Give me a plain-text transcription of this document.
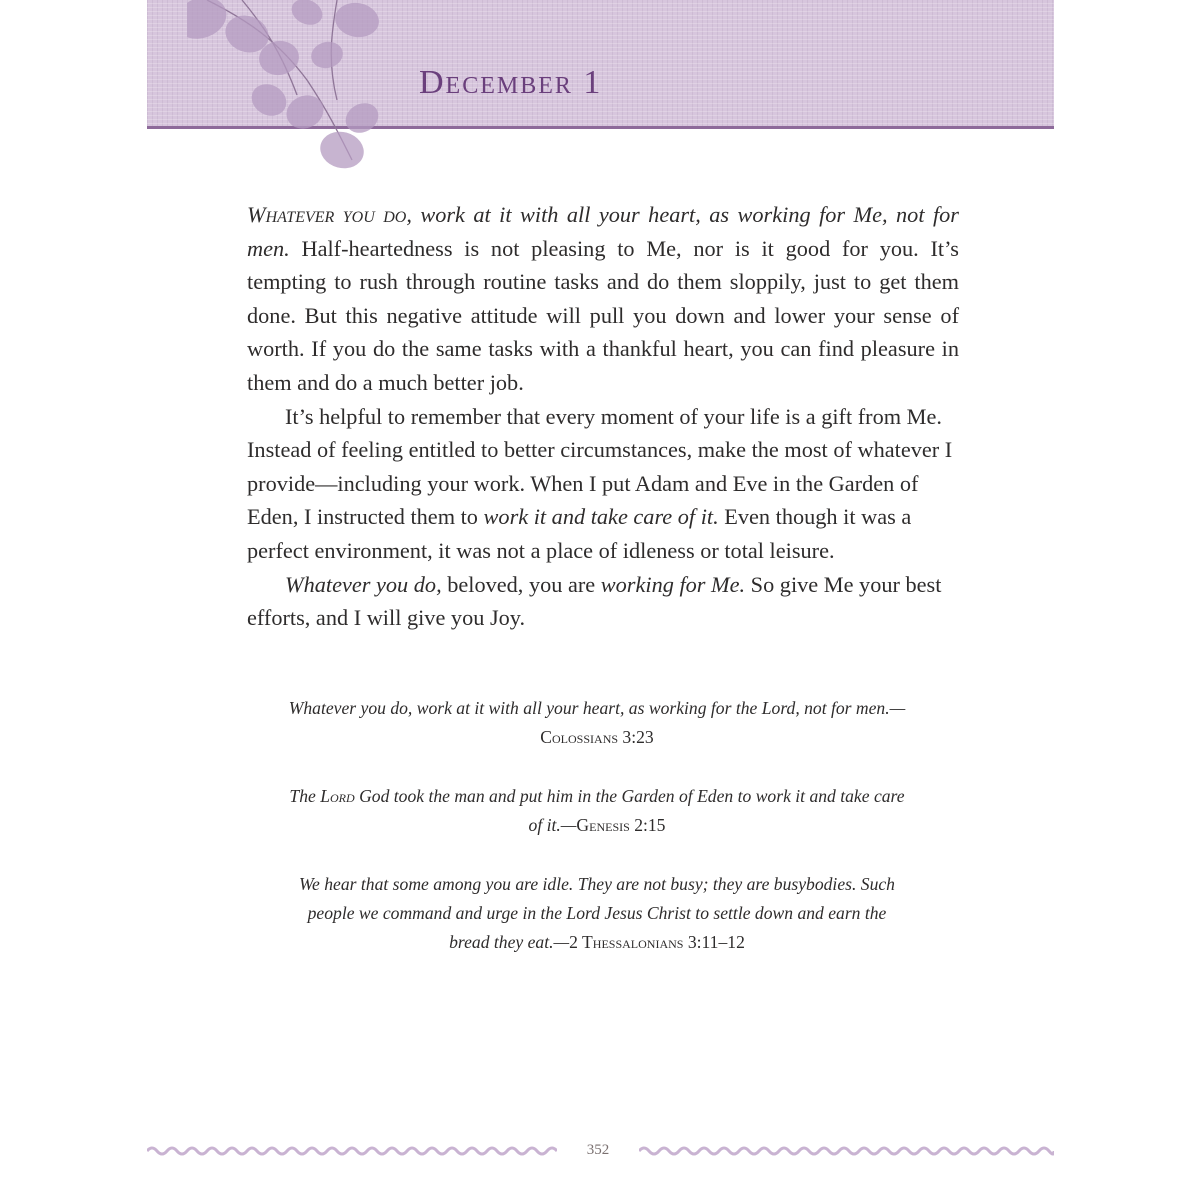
December 1

Whatever you do, work at it with all your heart, as working for Me, not for men. Half-heartedness is not pleasing to Me, nor is it good for you. It’s tempting to rush through routine tasks and do them sloppily, just to get them done. But this negative attitude will pull you down and lower your sense of worth. If you do the same tasks with a thankful heart, you can find pleasure in them and do a much better job.

It’s helpful to remember that every moment of your life is a gift from Me. Instead of feeling entitled to better circumstances, make the most of whatever I provide—including your work. When I put Adam and Eve in the Garden of Eden, I instructed them to work it and take care of it. Even though it was a perfect environment, it was not a place of idleness or total leisure.

Whatever you do, beloved, you are working for Me. So give Me your best efforts, and I will give you Joy.

Whatever you do, work at it with all your heart, as working for the Lord, not for men.—Colossians 3:23

The Lord God took the man and put him in the Garden of Eden to work it and take care of it.—Genesis 2:15

We hear that some among you are idle. They are not busy; they are busybodies. Such people we command and urge in the Lord Jesus Christ to settle down and earn the bread they eat.—2 Thessalonians 3:11–12

352
